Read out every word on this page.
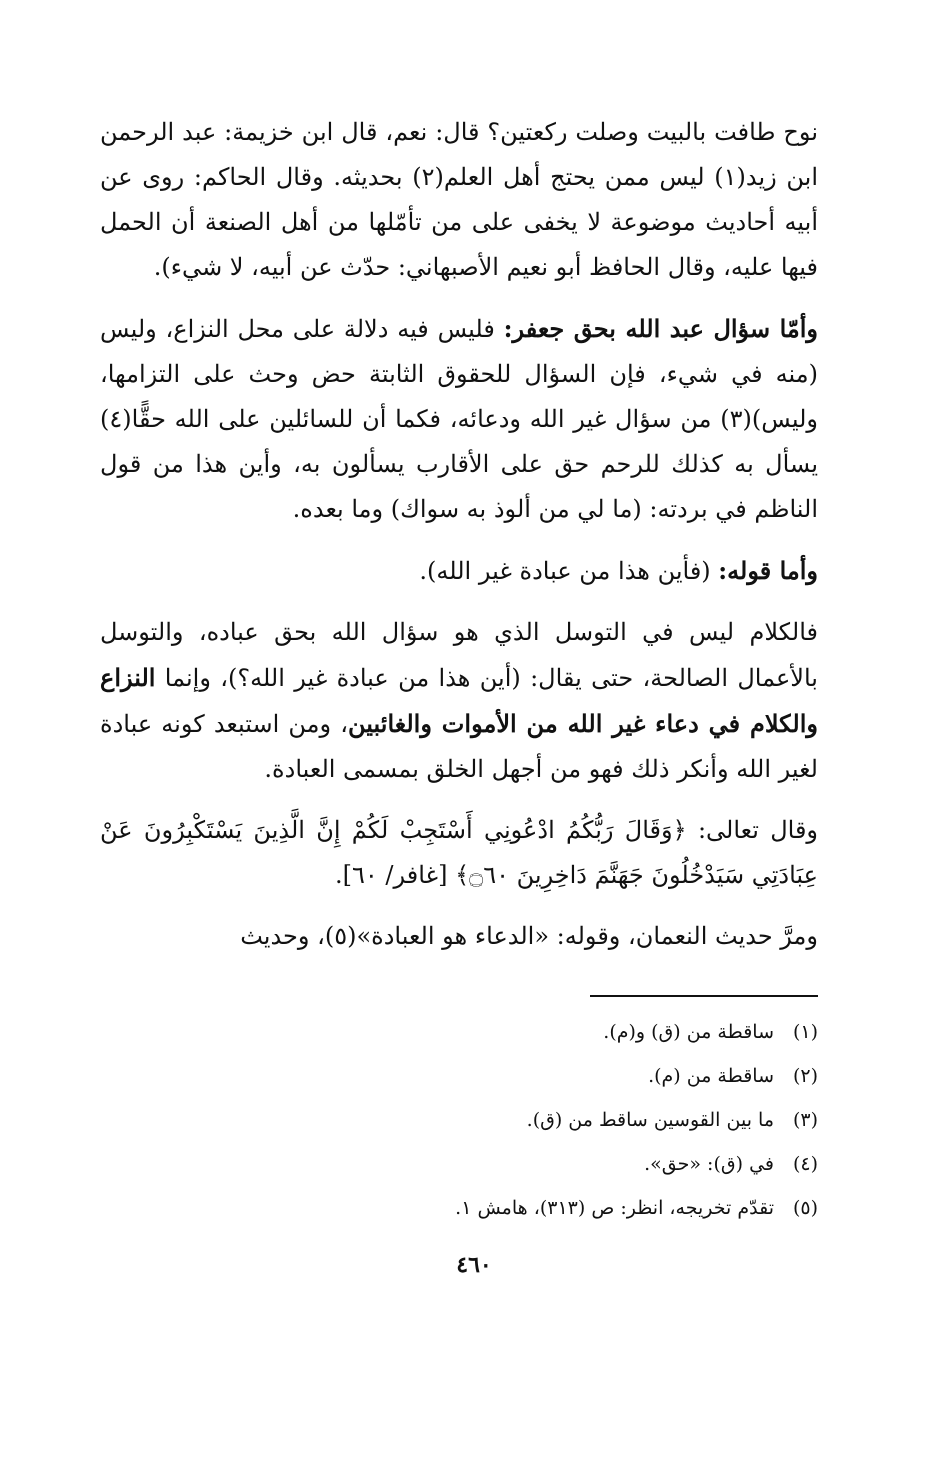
نوح طافت بالبيت وصلت ركعتين؟ قال: نعم، قال ابن خزيمة: عبد الرحمن ابن زيد(١) ليس ممن يحتج أهل العلم(٢) بحديثه. وقال الحاكم: روى عن أبيه أحاديث موضوعة لا يخفى على من تأمّلها من أهل الصنعة أن الحمل فيها عليه، وقال الحافظ أبو نعيم الأصبهاني: حدّث عن أبيه، لا شيء).

وأمّا سؤال عبد الله بحق جعفر: فليس فيه دلالة على محل النزاع، وليس (منه في شيء، فإن السؤال للحقوق الثابتة حض وحث على التزامها، وليس)(٣) من سؤال غير الله ودعائه، فكما أن للسائلين على الله حقًّا(٤) يسأل به كذلك للرحم حق على الأقارب يسألون به، وأين هذا من قول الناظم في بردته: (ما لي من ألوذ به سواك) وما بعده.

وأما قوله: (فأين هذا من عبادة غير الله).

فالكلام ليس في التوسل الذي هو سؤال الله بحق عباده، والتوسل بالأعمال الصالحة، حتى يقال: (أين هذا من عبادة غير الله؟)، وإنما النزاع والكلام في دعاء غير الله من الأموات والغائبين، ومن استبعد كونه عبادة لغير الله وأنكر ذلك فهو من أجهل الخلق بمسمى العبادة.

وقال تعالى: ﴿وَقَالَ رَبُّكُمُ ادْعُونِي أَسْتَجِبْ لَكُمْ إِنَّ الَّذِينَ يَسْتَكْبِرُونَ عَنْ عِبَادَتِي سَيَدْخُلُونَ جَهَنَّمَ دَاخِرِينَ ۝٦٠﴾ [غافر/ ٦٠].

ومرَّ حديث النعمان، وقوله: «الدعاء هو العبادة»(٥)، وحديث

(١)
ساقطة من (ق) و(م).
(٢)
ساقطة من (م).
(٣)
ما بين القوسين ساقط من (ق).
(٤)
في (ق): «حق».
(٥)
تقدّم تخريجه، انظر: ص (٣١٣)، هامش ١.
٤٦٠
